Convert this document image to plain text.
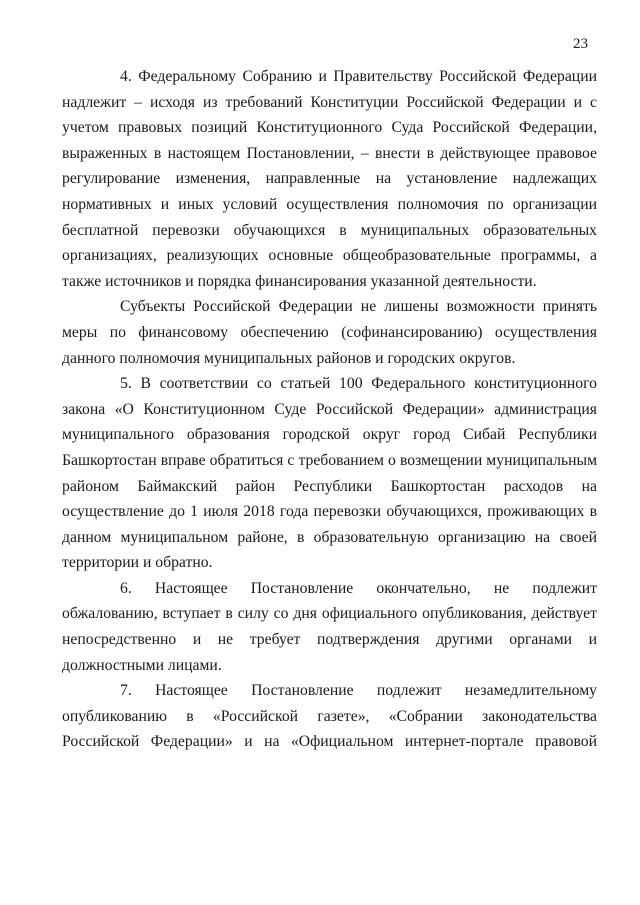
23

4. Федеральному Собранию и Правительству Российской Федерации надлежит – исходя из требований Конституции Российской Федерации и с учетом правовых позиций Конституционного Суда Российской Федерации, выраженных в настоящем Постановлении, – внести в действующее правовое регулирование изменения, направленные на установление надлежащих нормативных и иных условий осуществления полномочия по организации бесплатной перевозки обучающихся в муниципальных образовательных организациях, реализующих основные общеобразовательные программы, а также источников и порядка финансирования указанной деятельности.

Субъекты Российской Федерации не лишены возможности принять меры по финансовому обеспечению (софинансированию) осуществления данного полномочия муниципальных районов и городских округов.

5. В соответствии со статьей 100 Федерального конституционного закона «О Конституционном Суде Российской Федерации» администрация муниципального образования городской округ город Сибай Республики Башкортостан вправе обратиться с требованием о возмещении муниципальным районом Баймакский район Республики Башкортостан расходов на осуществление до 1 июля 2018 года перевозки обучающихся, проживающих в данном муниципальном районе, в образовательную организацию на своей территории и обратно.

6. Настоящее Постановление окончательно, не подлежит обжалованию, вступает в силу со дня официального опубликования, действует непосредственно и не требует подтверждения другими органами и должностными лицами.

7. Настоящее Постановление подлежит незамедлительному опубликованию в «Российской газете», «Собрании законодательства Российской Федерации» и на «Официальном интернет-портале правовой
